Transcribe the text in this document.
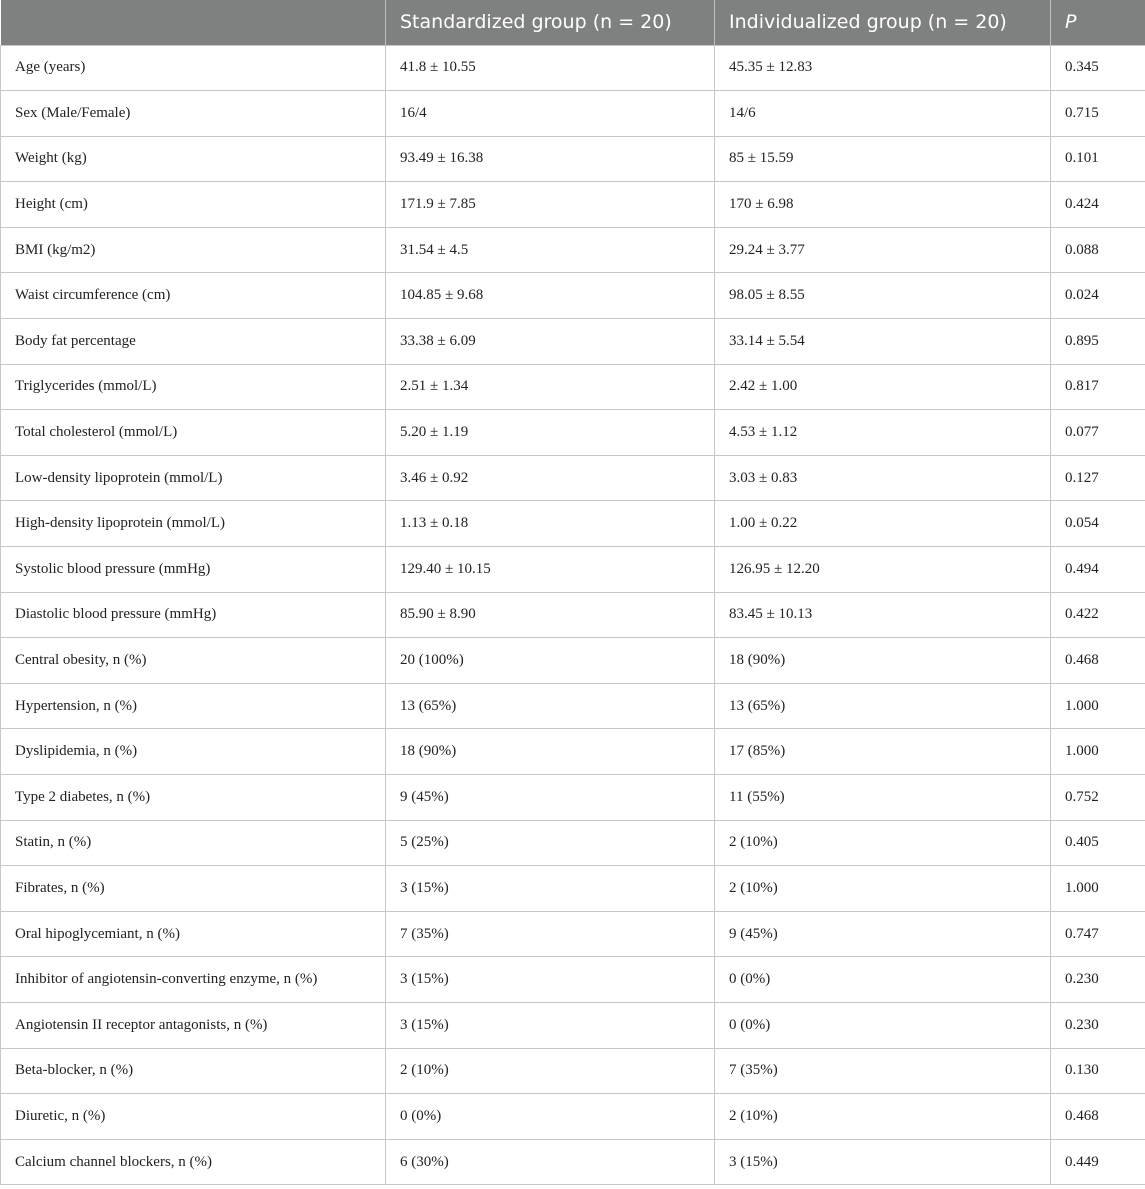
	Standardized group (n = 20)	Individualized group (n = 20)	P
Age (years)	41.8 ± 10.55	45.35 ± 12.83	0.345
Sex (Male/Female)	16/4	14/6	0.715
Weight (kg)	93.49 ± 16.38	85 ± 15.59	0.101
Height (cm)	171.9 ± 7.85	170 ± 6.98	0.424
BMI (kg/m2)	31.54 ± 4.5	29.24 ± 3.77	0.088
Waist circumference (cm)	104.85 ± 9.68	98.05 ± 8.55	0.024
Body fat percentage	33.38 ± 6.09	33.14 ± 5.54	0.895
Triglycerides (mmol/L)	2.51 ± 1.34	2.42 ± 1.00	0.817
Total cholesterol (mmol/L)	5.20 ± 1.19	4.53 ± 1.12	0.077
Low-density lipoprotein (mmol/L)	3.46 ± 0.92	3.03 ± 0.83	0.127
High-density lipoprotein (mmol/L)	1.13 ± 0.18	1.00 ± 0.22	0.054
Systolic blood pressure (mmHg)	129.40 ± 10.15	126.95 ± 12.20	0.494
Diastolic blood pressure (mmHg)	85.90 ± 8.90	83.45 ± 10.13	0.422
Central obesity, n (%)	20 (100%)	18 (90%)	0.468
Hypertension, n (%)	13 (65%)	13 (65%)	1.000
Dyslipidemia, n (%)	18 (90%)	17 (85%)	1.000
Type 2 diabetes, n (%)	9 (45%)	11 (55%)	0.752
Statin, n (%)	5 (25%)	2 (10%)	0.405
Fibrates, n (%)	3 (15%)	2 (10%)	1.000
Oral hipoglycemiant, n (%)	7 (35%)	9 (45%)	0.747
Inhibitor of angiotensin-converting enzyme, n (%)	3 (15%)	0 (0%)	0.230
Angiotensin II receptor antagonists, n (%)	3 (15%)	0 (0%)	0.230
Beta-blocker, n (%)	2 (10%)	7 (35%)	0.130
Diuretic, n (%)	0 (0%)	2 (10%)	0.468
Calcium channel blockers, n (%)	6 (30%)	3 (15%)	0.449
